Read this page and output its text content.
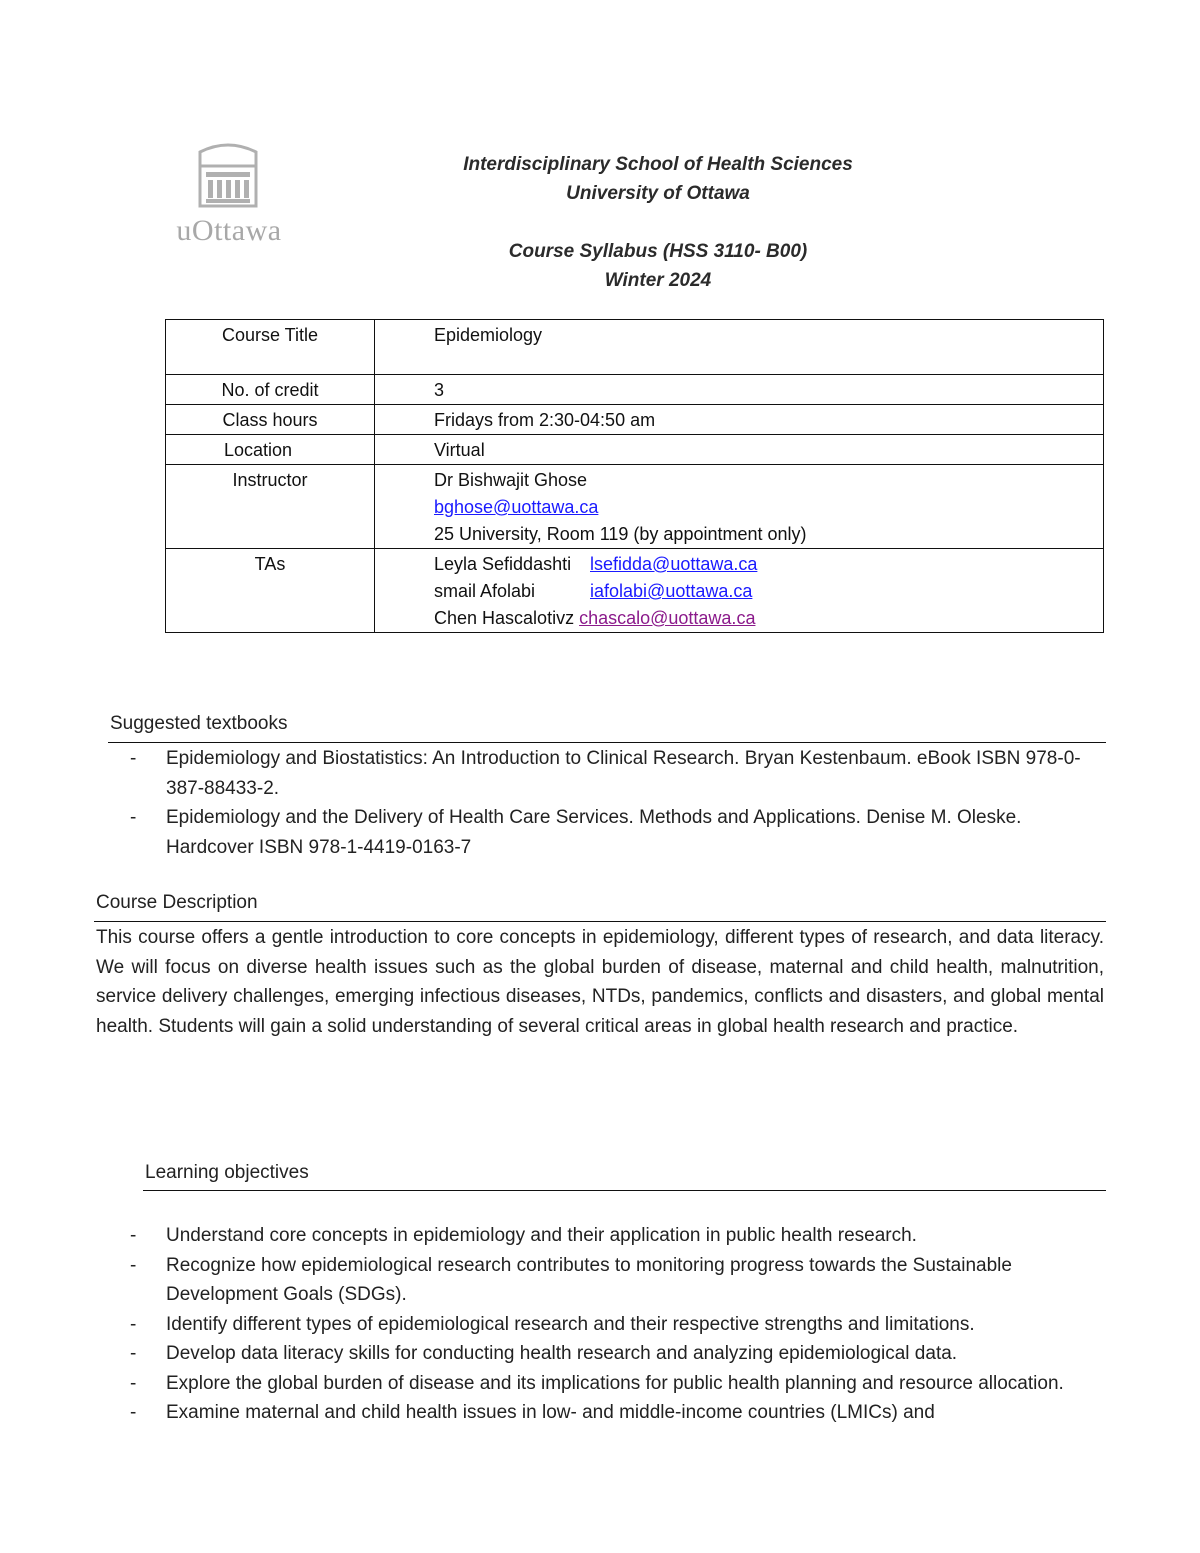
uOttawa
Interdisciplinary School of Health Sciences
University of Ottawa
Course Syllabus (HSS 3110- B00)
Winter 2024
Course Title	Epidemiology
No. of credit	3
Class hours	Fridays from 2:30-04:50 am
Location	Virtual
Instructor	Dr Bishwajit Ghose
bghose@uottawa.ca
25 University, Room 119 (by appointment only)

TAs	Leyla Sefiddashti lsefidda@uottawa.ca
smail Afolabi iafolabi@uottawa.ca
Chen Hascalotivz chascalo@uottawa.ca
Suggested textbooks
- Epidemiology and Biostatistics: An Introduction to Clinical Research. Bryan Kestenbaum. eBook ISBN 978-0-387-88433-2.
- Epidemiology and the Delivery of Health Care Services. Methods and Applications. Denise M. Oleske. Hardcover ISBN 978-1-4419-0163-7
Course Description
This course offers a gentle introduction to core concepts in epidemiology, different types of research, and data literacy. We will focus on diverse health issues such as the global burden of disease, maternal and child health, malnutrition, service delivery challenges, emerging infectious diseases, NTDs, pandemics, conflicts and disasters, and global mental health. Students will gain a solid understanding of several critical areas in global health research and practice.
Learning objectives
- Understand core concepts in epidemiology and their application in public health research.
- Recognize how epidemiological research contributes to monitoring progress towards the Sustainable Development Goals (SDGs).
- Identify different types of epidemiological research and their respective strengths and limitations.
- Develop data literacy skills for conducting health research and analyzing epidemiological data.
- Explore the global burden of disease and its implications for public health planning and resource allocation.
- Examine maternal and child health issues in low- and middle-income countries (LMICs) and
